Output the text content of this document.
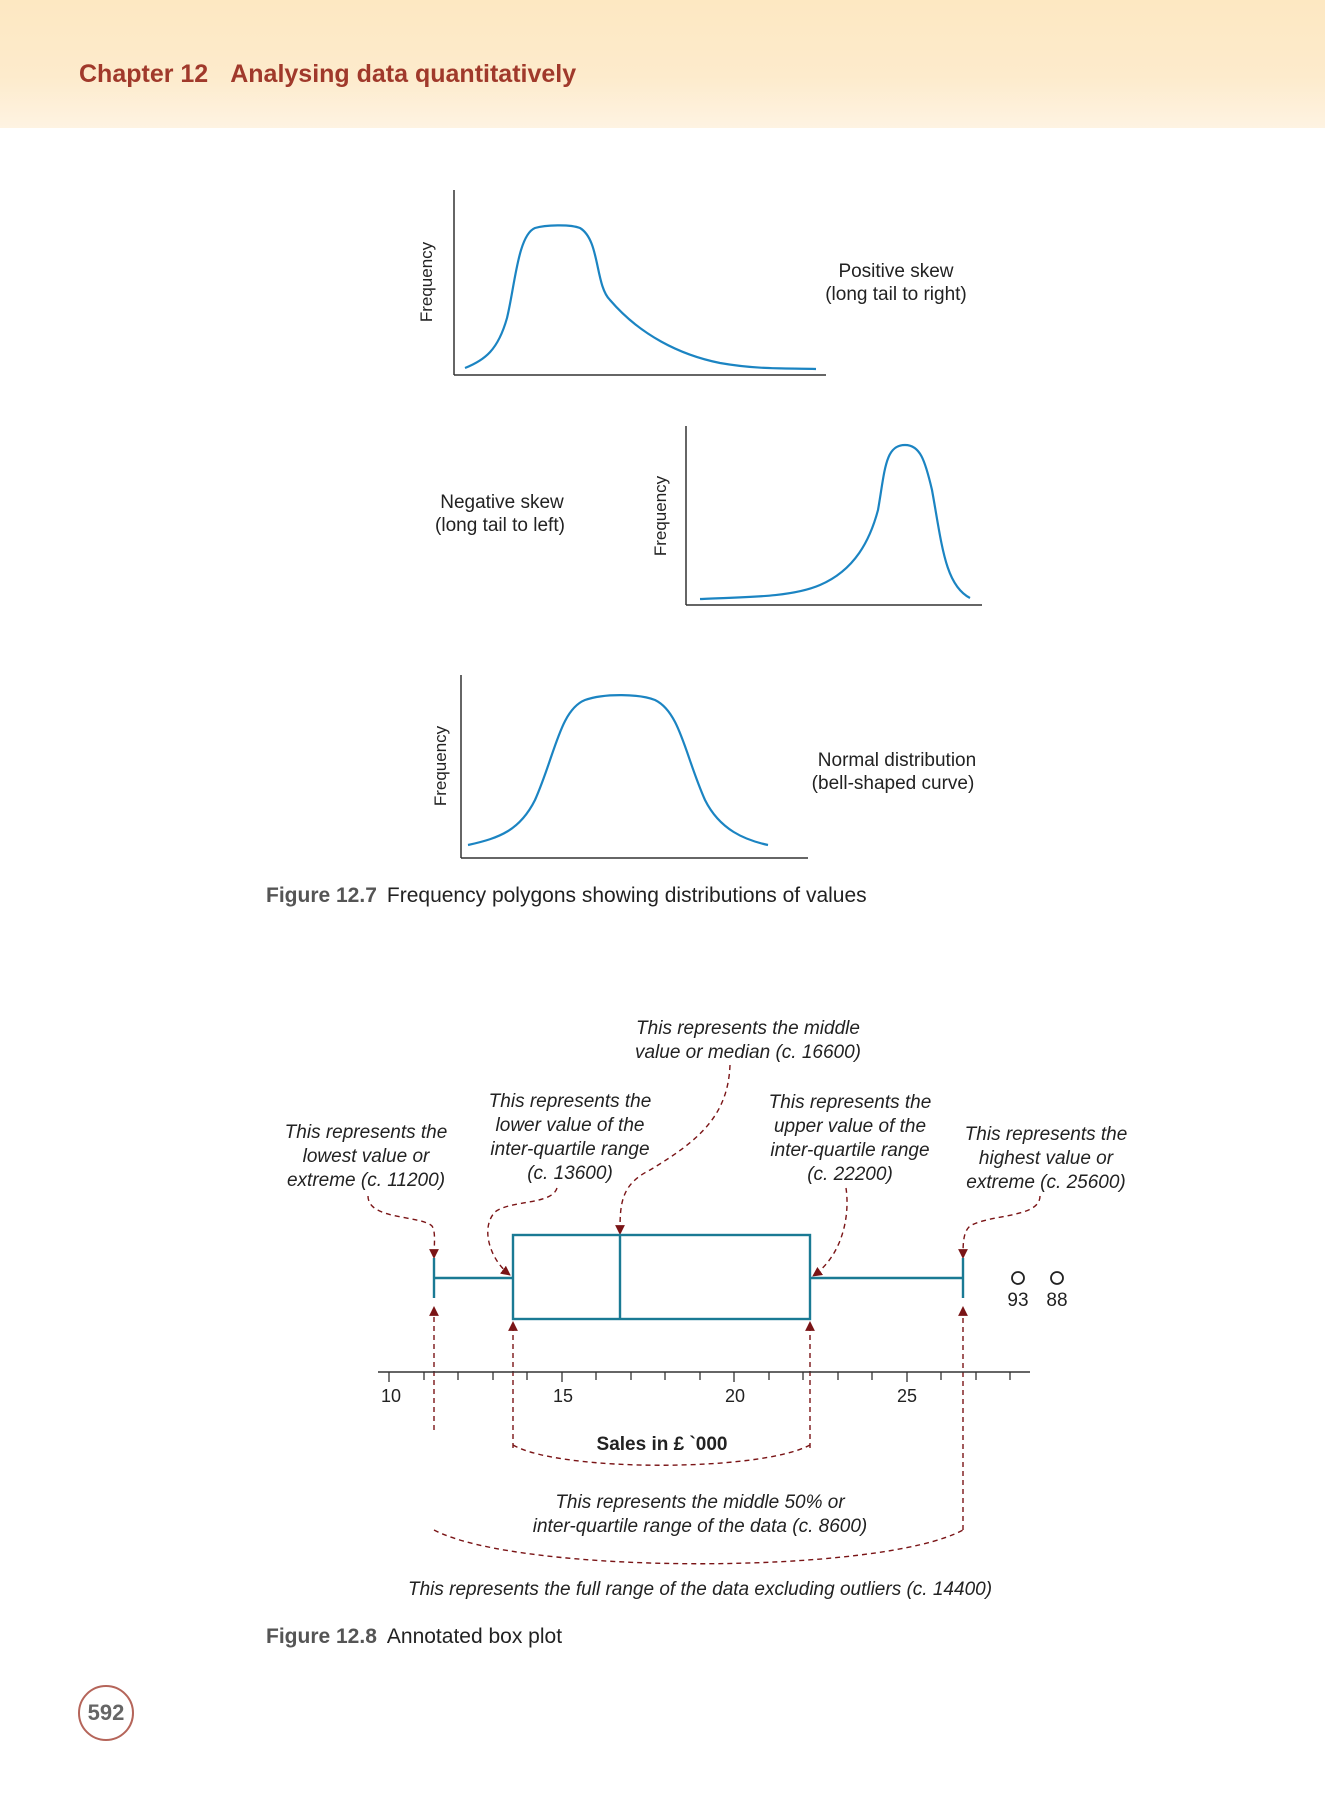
Chapter 12 Analysing data quantitatively
Frequency	Positive skew
(long tail to right)
Frequency
Negative skew
(long tail to left)
Frequency	Normal distribution
(bell-shaped curve)
Figure 12.7 Frequency polygons showing distributions of values
This represents the middle
value or median (c. 16600)
This represents the
lower value of the
inter-quartile range
(c. 13600)
This represents the
upper value of the
inter-quartile range
(c. 22200)
This represents the
lowest value or
extreme (c. 11200)
This represents the
highest value or
extreme (c. 25600)
93 88
10	15	20	25
Sales in £ `000
This represents the middle 50% or
inter-quartile range of the data (c. 8600)
This represents the full range of the data excluding outliers (c. 14400)
Figure 12.8 Annotated box plot
592
